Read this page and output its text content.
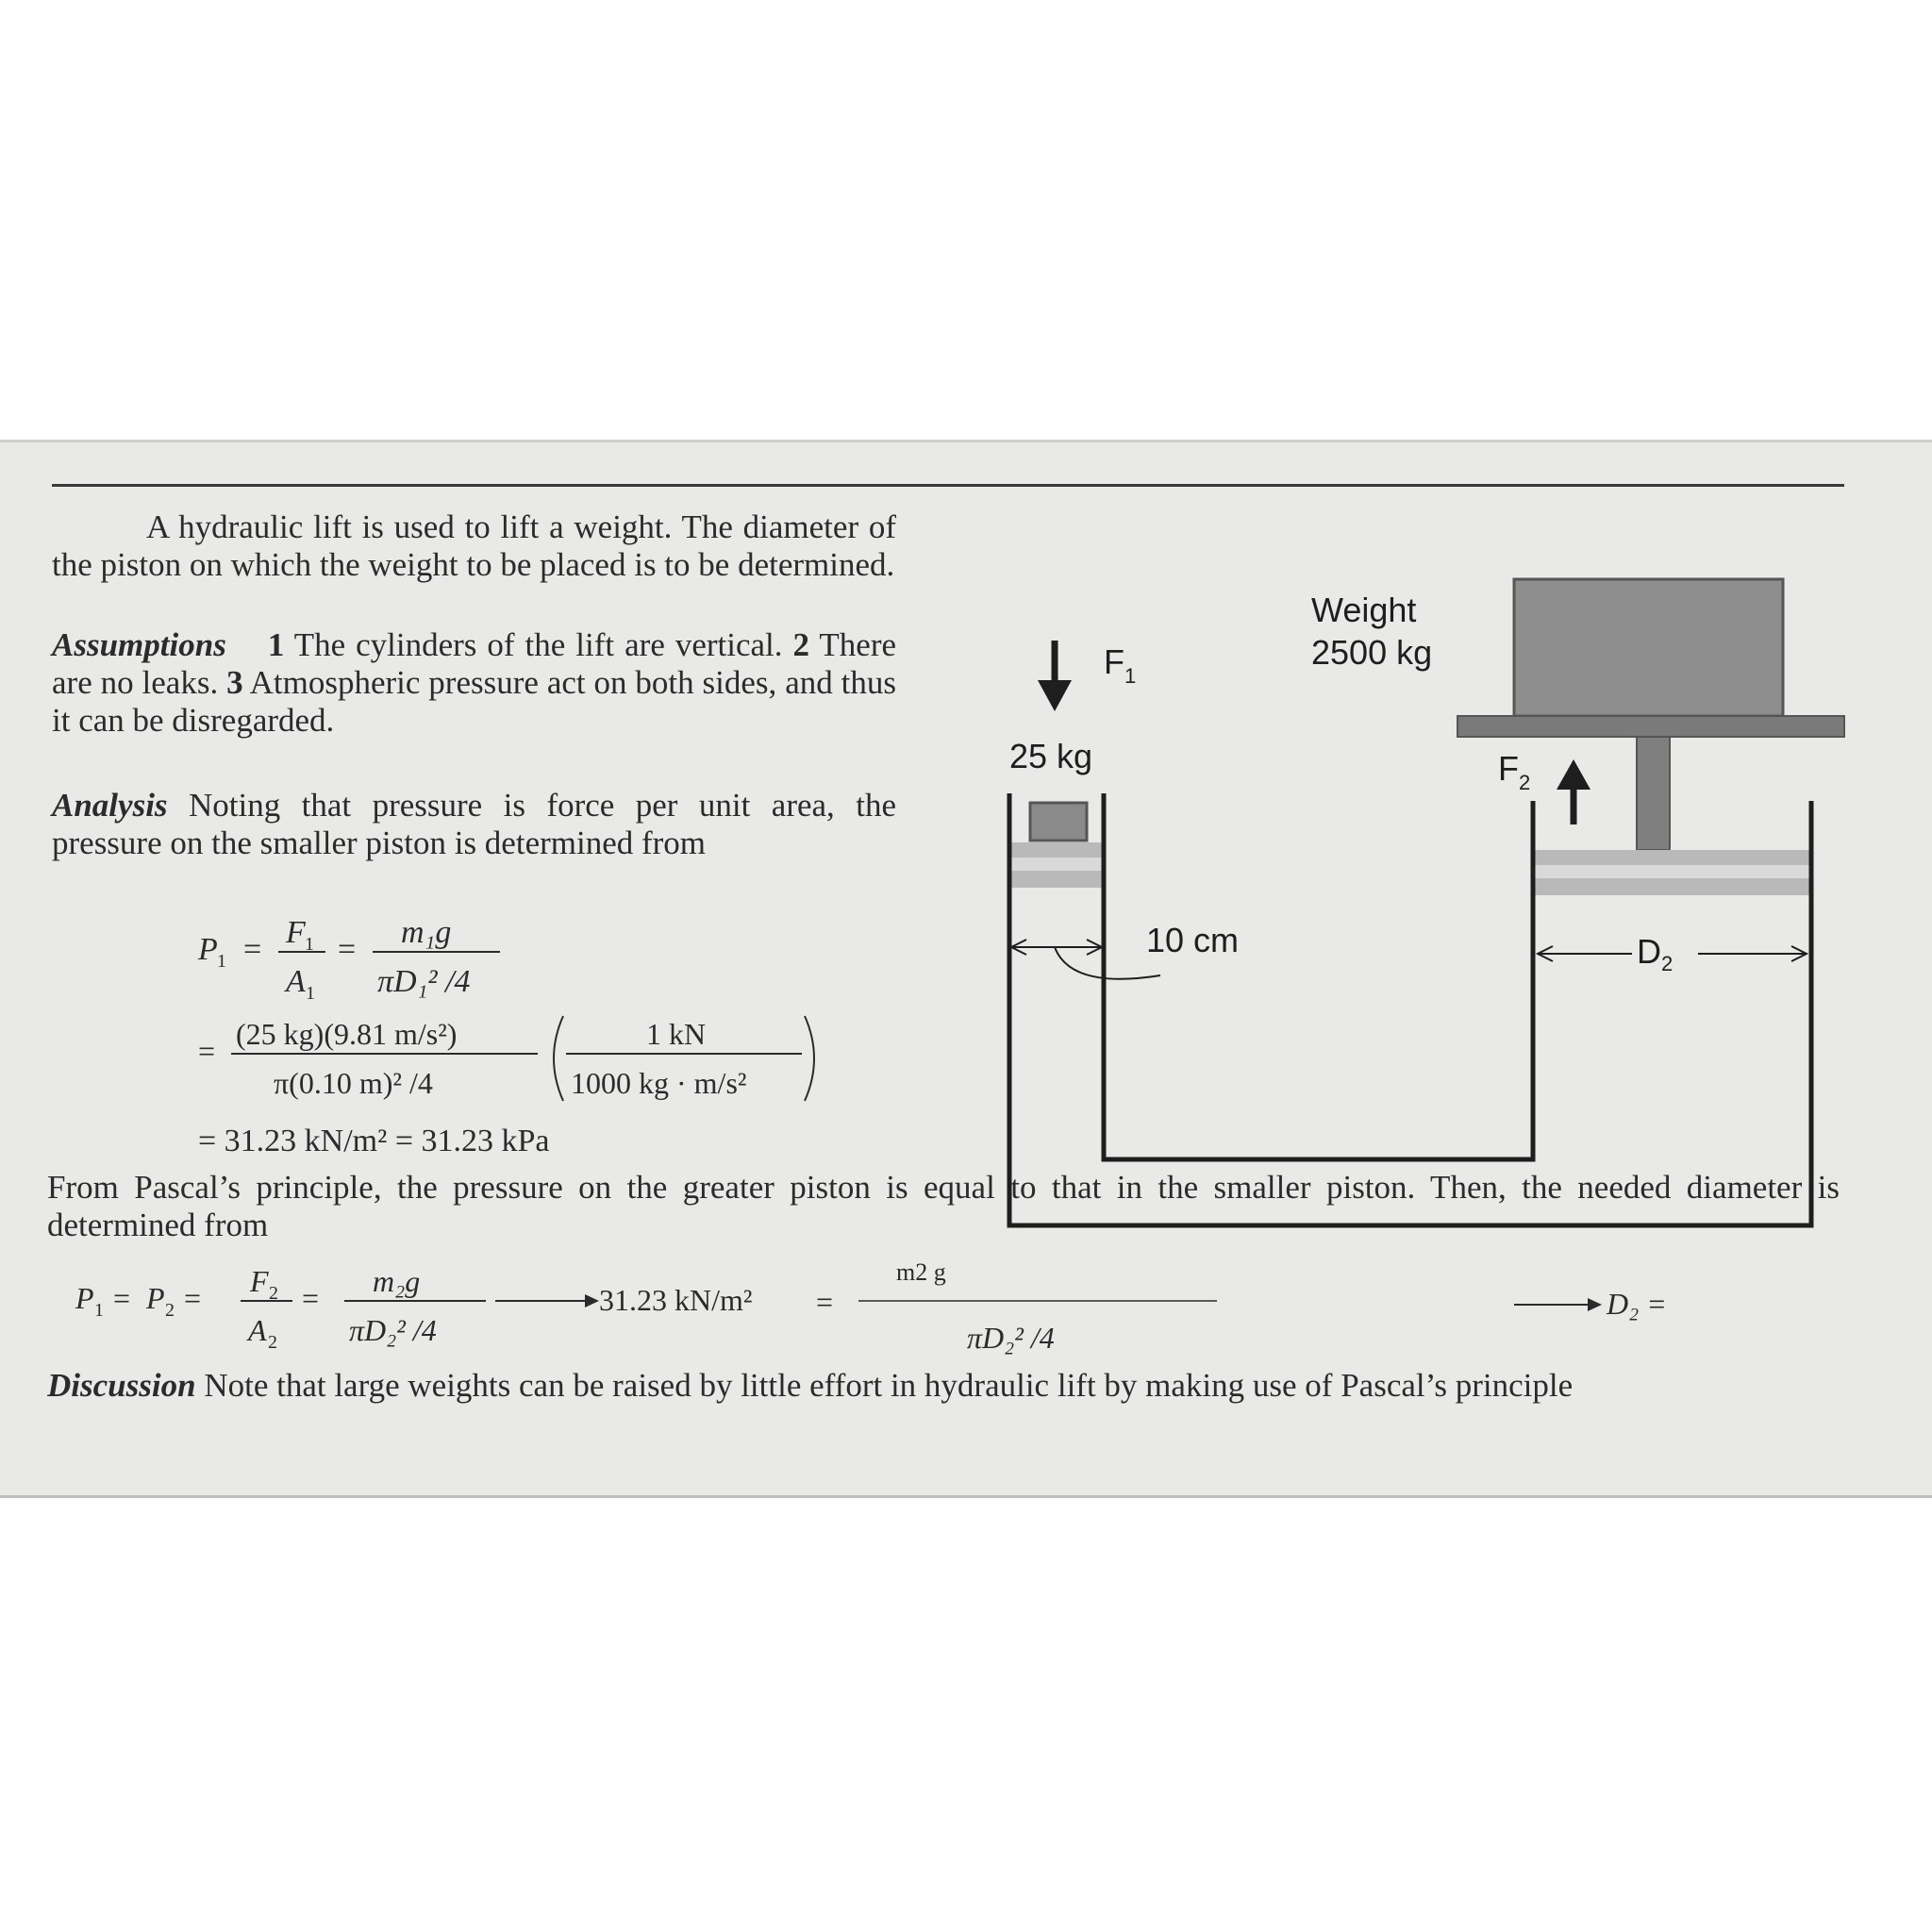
A hydraulic lift is used to lift a weight. The diameter of the piston on which the weight to be placed is to be determined.
Assumptions 1 The cylinders of the lift are vertical. 2 There are no leaks. 3 Atmospheric pressure act on both sides, and thus it can be disregarded.
Analysis Noting that pressure is force per unit area, the pressure on the smaller piston is determined from
P 1 = F 1
A 1
= m₁g
πD₁² /4
= (25 kg)(9.81 m/s²)
π(0.10 m)² /4
1 kN
1000 kg · m/s²
= 31.23 kN/m² = 31.23 kPa
From Pascal’s principle, the pressure on the greater piston is equal to that in the smaller piston. Then, the needed diameter is determined from
P 1 = P 2 = F 2
A 2
= m₂g
πD₂² /4
31.23 kN/m² =
m2 g
πD₂² /4
D₂ =
Discussion Note that large weights can be raised by little effort in hydraulic lift by making use of Pascal’s principle
F 1
25 kg
Weight
2500 kg
F 2
10 cm	D 2
